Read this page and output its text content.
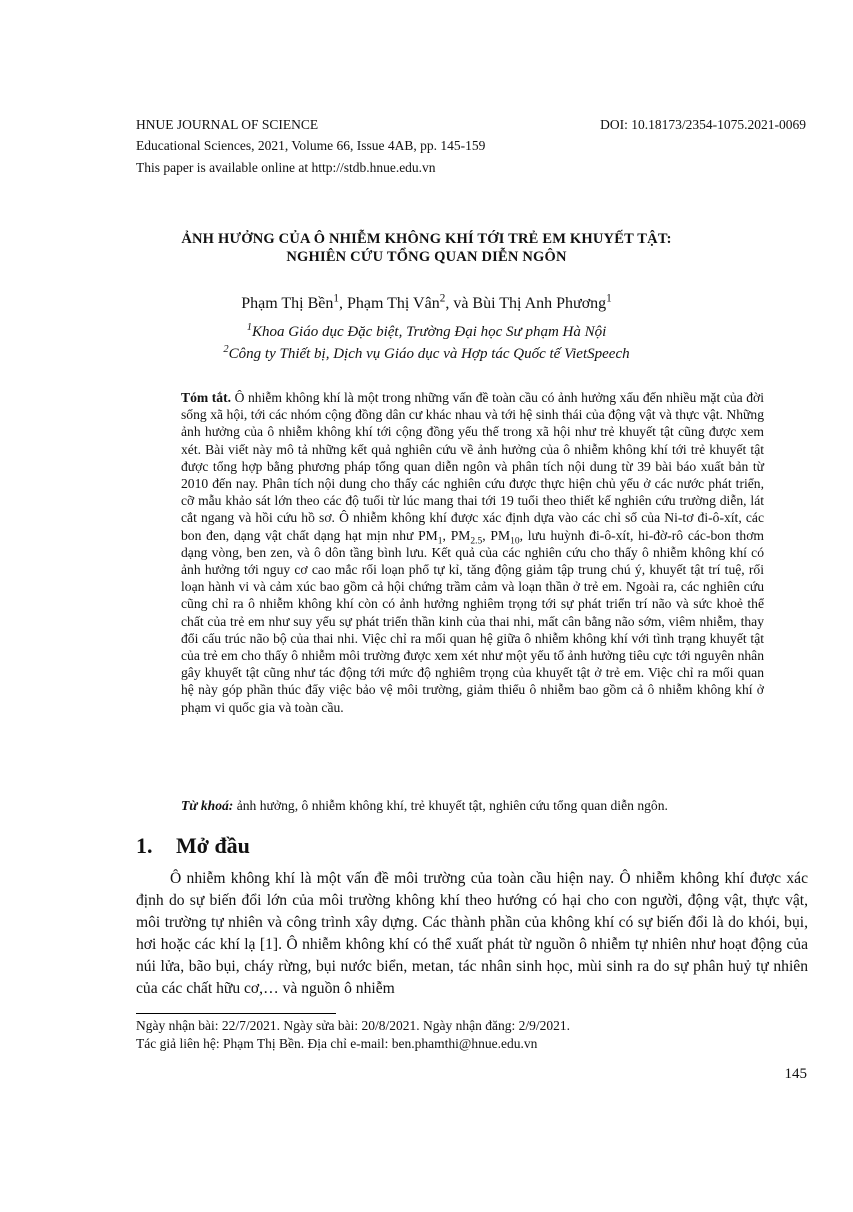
HNUE JOURNAL OF SCIENCE	DOI: 10.18173/2354-1075.2021-0069
Educational Sciences, 2021, Volume 66, Issue 4AB, pp. 145-159
This paper is available online at http://stdb.hnue.edu.vn
ẢNH HƯỞNG CỦA Ô NHIỄM KHÔNG KHÍ TỚI TRẺ EM KHUYẾT TẬT:
NGHIÊN CỨU TỔNG QUAN DIỄN NGÔN
Phạm Thị Bền$^1$, Phạm Thị Vân$^2$, và Bùi Thị Anh Phương$^1$
$^1$Khoa Giáo dục Đặc biệt, Trường Đại học Sư phạm Hà Nội
$^2$Công ty Thiết bị, Dịch vụ Giáo dục và Hợp tác Quốc tế VietSpeech
Tóm tắt. Ô nhiễm không khí là một trong những vấn đề toàn cầu có ảnh hưởng xấu đến nhiều mặt của đời sống xã hội, tới các nhóm cộng đồng dân cư khác nhau và tới hệ sinh thái của động vật và thực vật. Những ảnh hưởng của ô nhiễm không khí tới cộng đồng yếu thế trong xã hội như trẻ khuyết tật cũng được xem xét. Bài viết này mô tả những kết quả nghiên cứu về ảnh hưởng của ô nhiễm không khí tới trẻ khuyết tật được tổng hợp bằng phương pháp tổng quan diễn ngôn và phân tích nội dung từ 39 bài báo xuất bản từ 2010 đến nay. Phân tích nội dung cho thấy các nghiên cứu được thực hiện chủ yếu ở các nước phát triển, cỡ mẫu khảo sát lớn theo các độ tuổi từ lúc mang thai tới 19 tuổi theo thiết kế nghiên cứu trường diễn, lát cắt ngang và hồi cứu hồ sơ. Ô nhiễm không khí được xác định dựa vào các chỉ số của Ni-tơ đi-ô-xít, các bon đen, dạng vật chất dạng hạt mịn như $PM_1$, $PM_{2.5}$, $PM_{10}$, lưu huỳnh đi-ô-xít, hi-đờ-rô các-bon thơm dạng vòng, ben zen, và ô dôn tầng bình lưu. Kết quả của các nghiên cứu cho thấy ô nhiễm không khí có ảnh hưởng tới nguy cơ cao mắc rối loạn phổ tự kỉ, tăng động giảm tập trung chú ý, khuyết tật trí tuệ, rối loạn hành vi và cảm xúc bao gồm cả hội chứng trầm cảm và loạn thần ở trẻ em. Ngoài ra, các nghiên cứu cũng chỉ ra ô nhiễm không khí còn có ảnh hưởng nghiêm trọng tới sự phát triển trí não và sức khoẻ thể chất của trẻ em như suy yếu sự phát triển thần kinh của thai nhi, mất cân bằng não sớm, viêm nhiễm, thay đổi cấu trúc não bộ của thai nhi. Việc chỉ ra mối quan hệ giữa ô nhiễm không khí với tình trạng khuyết tật của trẻ em cho thấy ô nhiễm môi trường được xem xét như một yếu tố ảnh hưởng tiêu cực tới nguyên nhân gây khuyết tật cũng như tác động tới mức độ nghiêm trọng của khuyết tật ở trẻ em. Việc chỉ ra mối quan hệ này góp phần thúc đẩy việc bảo vệ môi trường, giảm thiểu ô nhiễm bao gồm cả ô nhiễm không khí ở phạm vi quốc gia và toàn cầu.
Từ khoá: ảnh hưởng, ô nhiễm không khí, trẻ khuyết tật, nghiên cứu tổng quan diễn ngôn.
1. Mở đầu
Ô nhiễm không khí là một vấn đề môi trường của toàn cầu hiện nay. Ô nhiễm không khí được xác định do sự biến đổi lớn của môi trường không khí theo hướng có hại cho con người, động vật, thực vật, môi trường tự nhiên và công trình xây dựng. Các thành phần của không khí có sự biến đổi là do khói, bụi, hơi hoặc các khí lạ [1]. Ô nhiễm không khí có thể xuất phát từ nguồn ô nhiễm tự nhiên như hoạt động của núi lửa, bão bụi, cháy rừng, bụi nước biển, metan, tác nhân sinh học, mùi sinh ra do sự phân huỷ tự nhiên của các chất hữu cơ,… và nguồn ô nhiễm
Ngày nhận bài: 22/7/2021. Ngày sửa bài: 20/8/2021. Ngày nhận đăng: 2/9/2021.
Tác giả liên hệ: Phạm Thị Bền. Địa chỉ e-mail: ben.phamthi@hnue.edu.vn
145
